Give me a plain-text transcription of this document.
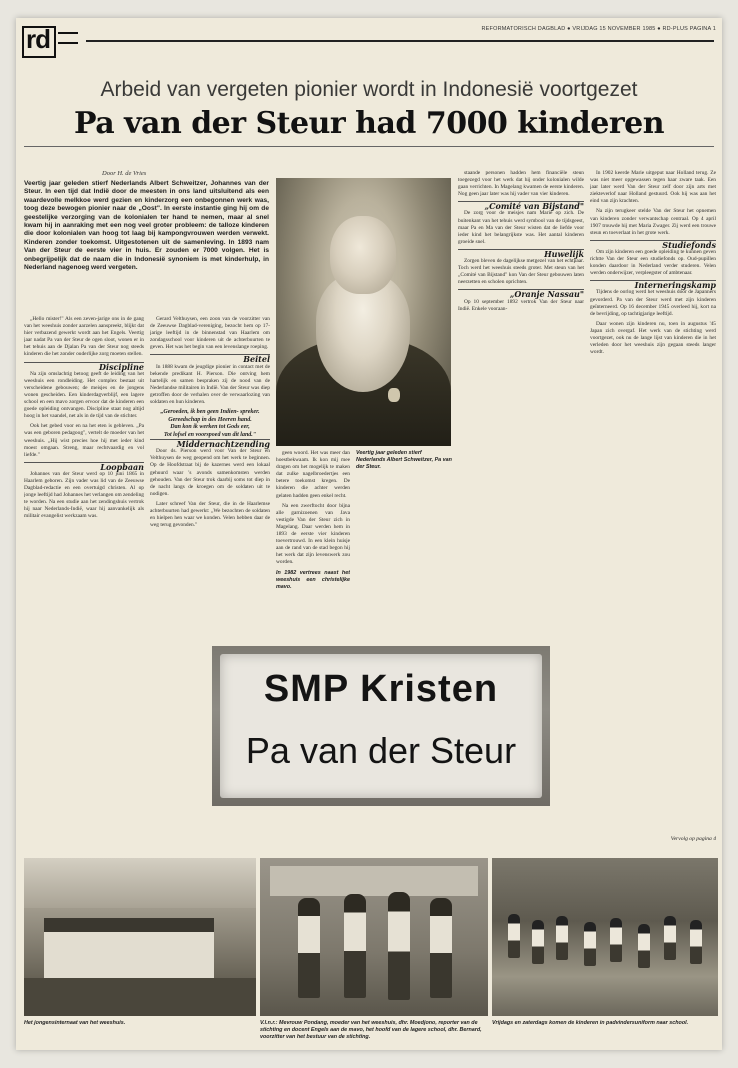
rd	REFORMATORISCH DAGBLAD ● VRIJDAG 15 NOVEMBER 1985 ● RD-PLUS PAGINA 1
Arbeid van vergeten pionier wordt in Indonesië voortgezet
Pa van der Steur had 7000 kinderen
Door H. de Vries
Veertig jaar geleden stierf Nederlands Albert Schweitzer, Johannes van der Steur. In een tijd dat Indië door de meesten in ons land uitsluitend als een waardevolle melkkoe werd gezien en kinderzorg een onbegonnen werk was, toog deze bewogen pionier naar de „Oost". In eerste instantie ging hij om de geestelijke verzorging van de kolonialen ter hand te nemen, maar al snel kwam hij in aanraking met een nog veel groter probleem: de talloze kinderen die door kolonialen van hoog tot laag bij kampongvrouwen werden verwekt. Kinderen zonder toekomst. Uitgestotenen uit de samenleving. In 1893 nam Van der Steur de eerste vier in huis. Er zouden er 7000 volgen. Het is onbegrijpelijk dat de naam die in Indonesië synoniem is met kinderhulp, in Nederland nagenoeg werd vergeten.

„Hello mister!" Als een zeven-jarige ons in de gang van het weeshuis zonder aarzelen aanspreekt, blijkt dat hier verbazend gewerkt wordt aan het Engels. Veertig jaar nadat Pa van der Steur de ogen sloot, wonen er in het tehuis aan de Djalan Pa van der Steur nog steeds kinderen die het zonder ouderlijke zorg moeten stellen.

Discipline

Na zijn omslachtig betoog geeft de leiding van het weeshuis een rondleiding. Het complex bestaat uit verscheidene gebouwen; de meisjes en de jongens wonen gescheiden. Een kinderdagverblijf, een lagere school en een mavo zorgen ervoor dat de kinderen een goede opleiding ontvangen. Discipline staat nog altijd hoog in het vaandel, net als in de tijd van de stichter.

Ook het gebed voor en na het eten is gebleven. „Pa was een geboren pedagoog", vertelt de moeder van het weeshuis. „Hij wist precies hoe hij met ieder kind moest omgaan. Streng, maar rechtvaardig en vol liefde."

Loopbaan

Johannes van der Steur werd op 10 juni 1865 in Haarlem geboren. Zijn vader was lid van de Zeeuwse Dagblad-redactie en een overtuigd christen. Al op jonge leeftijd had Johannes het verlangen om zendeling te worden. Na een studie aan het zendingshuis vertrok hij naar Nederlands-Indië, waar hij aanvankelijk als militair evangelist werkzaam was.

Gerard Velthuysen, een zoon van de voorzitter van de Zeeuwse Dagblad-vereniging, bezocht hem op 17-jarige leeftijd in de binnenstad van Haarlem om zondagsschool voor kinderen uit de achterbuurten te geven. Het was het begin van een levenslange roeping.

Beitel

In 1888 kwam de jeugdige pionier in contact met de bekende predikant H. Pierson. Die ontving hem hartelijk en samen bespraken zij de nood van de Nederlandse militairen in Indië. Van der Steur was diep getroffen door de verhalen over de verwaarlozing van soldaten en hun kinderen.

„Geroeden, ik ben geen Indien- spreker.
Gereedschap in des Heeren hand.
Dan kon ik werken tot Gods eer,
Tot lofsel en voorspoed van dit land."
Middernachtzending

Door ds. Pierson werd voor Van der Steur en Velthuysen de weg geopend om het werk te beginnen. Op de Hoofdstraat bij de kazernes werd een lokaal gehuurd waar 's avonds samenkomsten werden gehouden. Van der Steur trok daarbij soms tot diep in de nacht langs de kroegen om de soldaten uit te nodigen.

Later schreef Van der Steur, die in de Haarlemse achterbuurten had gewerkt: „We bezochten de soldaten en hielpen hen waar we konden. Velen hebben daar de weg terug gevonden."

geen woord. Het was meer dan hoestbekwaam. Ik kon mij mee dragen om het mogelijk te maken dat zulke nagelbroedertjes een betere toekomst kregen. De kinderen die achter werden gelaten hadden geen enkel recht.

Na een zwerftocht door bijna alle garnizoenen van Java vestigde Van der Steur zich in Magelang. Daar werden hem in 1893 de eerste vier kinderen toevertrouwd. In een klein huisje aan de rand van de stad begon hij het werk dat zijn levenswerk zou worden.

In 1982 vertrees naast het weeshuis een christelijke mavo.
Veertig jaar geleden stierf Nederlands Albert Schweitzer, Pa van der Steur.

staande personen hadden hem financiële steun toegezegd voor het werk dat hij onder kolonialen wilde gaan verrichten. In Magelang kwamen de eerste kinderen. Nog geen jaar later was hij vader van vier kinderen.

„Comité van Bijstand"

De zorg voor de meisjes nam Marie op zich. De buitenkant van het tehuis werd symbool van de tijdsgeest, maar Pa en Ma van der Steur wisten dat de liefde voor ieder kind het belangrijkste was. Het aantal kinderen groeide snel.

Huwelijk

Zorgen bleven de dagelijkse metgezel van het echtpaar. Toch werd het weeshuis steeds groter. Met steun van het „Comité van Bijstand" kon Van der Steur gebouwen laten neerzetten en scholen oprichten.

„Oranje Nassau"

Op 10 september 1892 vertrok Van der Steur naar Indië. Enkele vooraan-

In 1902 keerde Marie uitgeput naar Holland terug. Ze was niet meer opgewassen tegen haar zware taak. Een jaar later werd Van der Steur zelf door zijn arts met ziekteverlof naar Holland gestuurd. Ook hij was aan het eind van zijn krachten.

Na zijn terugkeer stelde Van der Steur het opnemen van kinderen zonder verwantschap centraal. Op 4 april 1907 trouwde hij met Maria Zwager. Zij werd een trouwe steun en toeverlaat in het grote werk.

Studiefonds

Om zijn kinderen een goede opleiding te kunnen geven richtte Van der Steur een studiefonds op. Oud-pupillen konden daardoor in Nederland verder studeren. Velen werden onderwijzer, verpleegster of ambtenaar.

Interneringskamp

Tijdens de oorlog werd het weeshuis door de Japanners gevorderd. Pa van der Steur werd met zijn kinderen geïnterneerd. Op 16 december 1945 overleed hij, kort na de bevrijding, op tachtigjarige leeftijd.

Daar wonen zijn kinderen nu, toen in augustus '45 Japan zich overgaf. Het werk van de stichting werd voortgezet, ook nu de lange lijst van kinderen die in het verleden door het weeshuis zijn gegaan steeds langer wordt.

Vervolg op pagina 4
SMP Kristen
Pa van der Steur
Het jongensinternaat van het weeshuis.	V.l.n.r.: Mevrouw Pondang, moeder van het weeshuis, dhr. Moedjono, reporter van de stichting en docent Engels aan de mavo, het hoofd van de lagere school, dhr. Bernard, voorzitter van het bestuur van de stichting.
Vrijdags en zaterdags komen de kinderen in padvindersuniform naar school.
